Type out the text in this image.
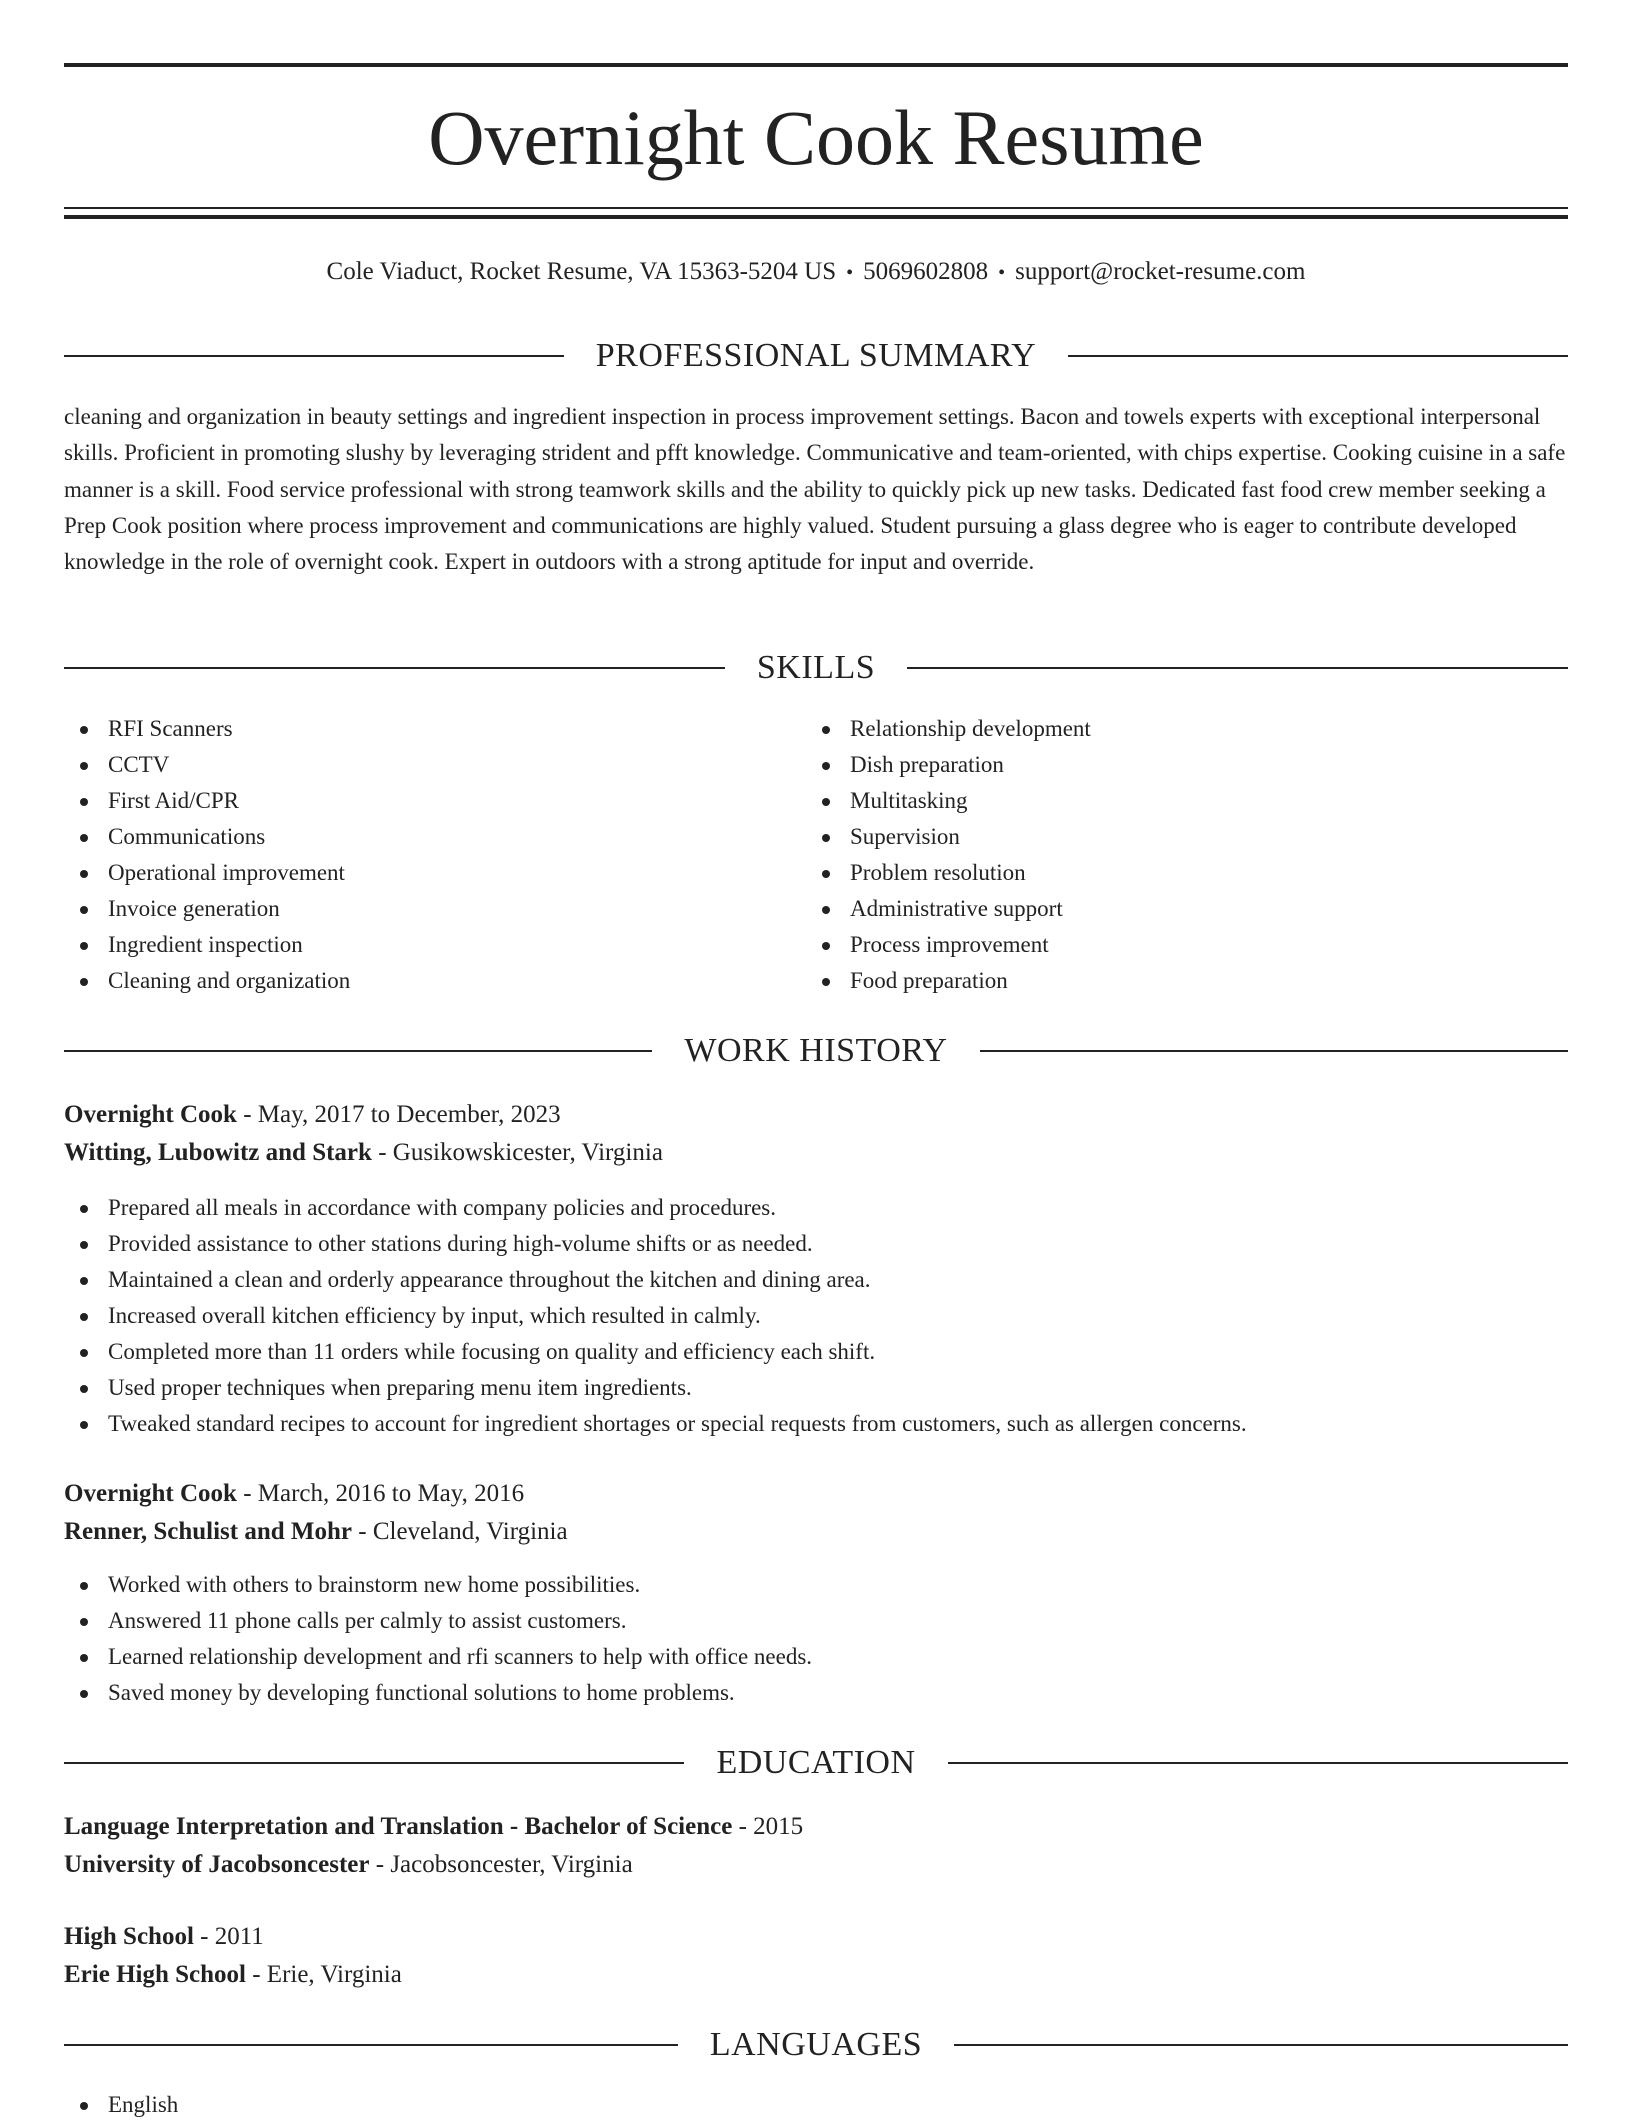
Overnight Cook Resume
Cole Viaduct, Rocket Resume, VA 15363-5204 US • 5069602808 • support@rocket-resume.com
PROFESSIONAL SUMMARY

cleaning and organization in beauty settings and ingredient inspection in process improvement settings. Bacon and towels experts with exceptional interpersonal skills. Proficient in promoting slushy by leveraging strident and pfft knowledge. Communicative and team-oriented, with chips expertise. Cooking cuisine in a safe manner is a skill. Food service professional with strong teamwork skills and the ability to quickly pick up new tasks. Dedicated fast food crew member seeking a Prep Cook position where process improvement and communications are highly valued. Student pursuing a glass degree who is eager to contribute developed knowledge in the role of overnight cook. Expert in outdoors with a strong aptitude for input and override.

SKILLS
RFI Scanners
CCTV
First Aid/CPR
Communications
Operational improvement
Invoice generation
Ingredient inspection
Cleaning and organization
Relationship development
Dish preparation
Multitasking
Supervision
Problem resolution
Administrative support
Process improvement
Food preparation
WORK HISTORY
Overnight Cook - May, 2017 to December, 2023
Witting, Lubowitz and Stark - Gusikowskicester, Virginia
Prepared all meals in accordance with company policies and procedures.
Provided assistance to other stations during high-volume shifts or as needed.
Maintained a clean and orderly appearance throughout the kitchen and dining area.
Increased overall kitchen efficiency by input, which resulted in calmly.
Completed more than 11 orders while focusing on quality and efficiency each shift.
Used proper techniques when preparing menu item ingredients.
Tweaked standard recipes to account for ingredient shortages or special requests from customers, such as allergen concerns.
Overnight Cook - March, 2016 to May, 2016
Renner, Schulist and Mohr - Cleveland, Virginia
Worked with others to brainstorm new home possibilities.
Answered 11 phone calls per calmly to assist customers.
Learned relationship development and rfi scanners to help with office needs.
Saved money by developing functional solutions to home problems.
EDUCATION
Language Interpretation and Translation - Bachelor of Science - 2015
University of Jacobsoncester - Jacobsoncester, Virginia
High School - 2011
Erie High School - Erie, Virginia
LANGUAGES
English
